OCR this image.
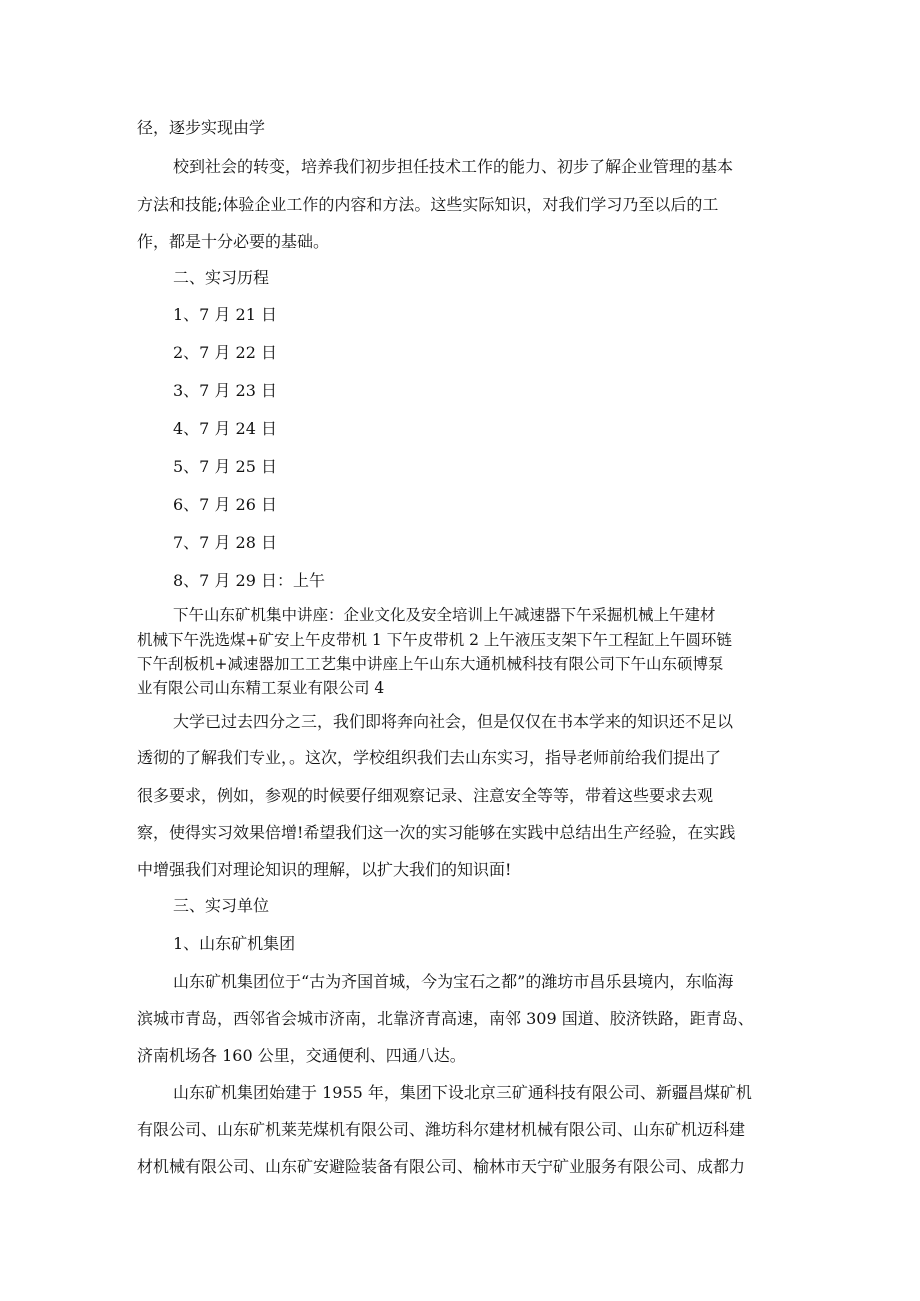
径，逐步实现由学
校到社会的转变，培养我们初步担任技术工作的能力、初步了解企业管理的基本
方法和技能;体验企业工作的内容和方法。这些实际知识，对我们学习乃至以后的工
作，都是十分必要的基础。
二、实习历程
1、7 月 21 日
2、7 月 22 日
3、7 月 23 日
4、7 月 24 日
5、7 月 25 日
6、7 月 26 日
7、7 月 28 日
8、7 月 29 日：上午
下午山东矿机集中讲座：企业文化及安全培训上午减速器下午采掘机械上午建材
机械下午洗选煤+矿安上午皮带机 1 下午皮带机 2 上午液压支架下午工程缸上午圆环链
下午刮板机+减速器加工工艺集中讲座上午山东大通机械科技有限公司下午山东硕博泵
业有限公司山东精工泵业有限公司 4
大学已过去四分之三，我们即将奔向社会，但是仅仅在书本学来的知识还不足以
透彻的了解我们专业，。这次，学校组织我们去山东实习，指导老师前给我们提出了
很多要求，例如，参观的时候要仔细观察记录、注意安全等等，带着这些要求去观
察，使得实习效果倍增!希望我们这一次的实习能够在实践中总结出生产经验，在实践
中增强我们对理论知识的理解，以扩大我们的知识面!
三、实习单位
1、山东矿机集团
山东矿机集团位于“古为齐国首城，今为宝石之都”的潍坊市昌乐县境内，东临海
滨城市青岛，西邻省会城市济南，北靠济青高速，南邻 309 国道、胶济铁路，距青岛、
济南机场各 160 公里，交通便利、四通八达。
山东矿机集团始建于 1955 年，集团下设北京三矿通科技有限公司、新疆昌煤矿机
有限公司、山东矿机莱芜煤机有限公司、潍坊科尔建材机械有限公司、山东矿机迈科建
材机械有限公司、山东矿安避险装备有限公司、榆林市天宁矿业服务有限公司、成都力
